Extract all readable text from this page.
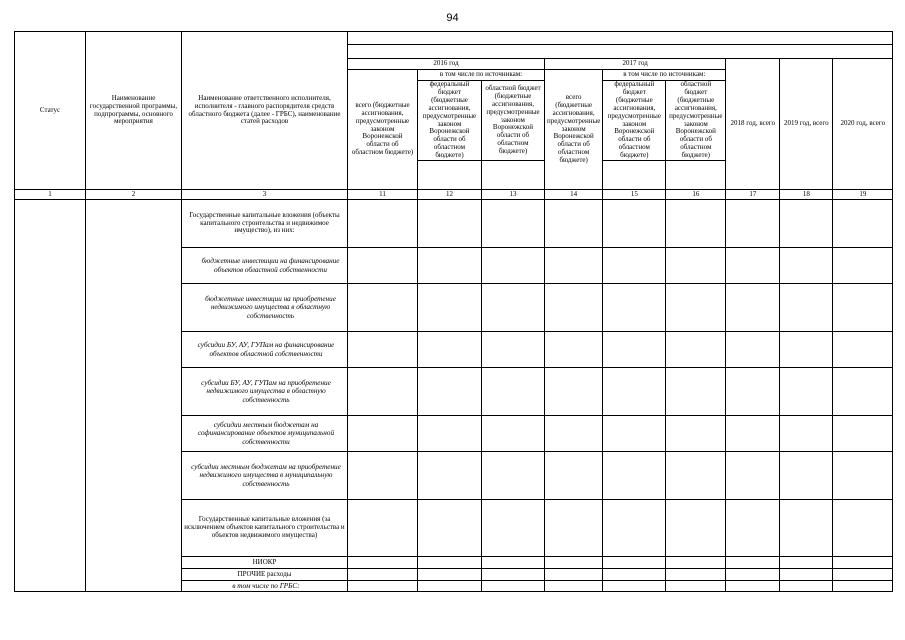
94
Статус	Наименование государственной программы, подпрограммы, основного мероприятия	Наименование ответственного исполнителя, исполнителя - главного распорядителя средств областного бюджета (далее - ГРБС), наименование статей расходов									

			2016 год			2017 год			2018 год, всего	2019 год, всего	2020 год, всего
			всего (бюджетные ассигнования, предусмотренные законом Воронежской области об областном бюджете)	в том числе по источникам:		всего (бюджетные ассигнования, предусмотренные законом Воронежской области об областном бюджете)	в том числе по источникам:				
				федеральный бюджет (бюджетные ассигнования, предусмотренные законом Воронежской области об областном бюджете)	областной бюджет (бюджетные ассигнования, предусмотренные законом Воронежской области об областном бюджете)		федеральный бюджет (бюджетные ассигнования, предусмотренные законом Воронежской области об областном бюджете)	областной бюджет (бюджетные ассигнования, предусмотренные законом Воронежской области об областном бюджете)			

1	2	3	11	12	13	14	15	16	17	18	19
		Государственные капитальные вложения (объекты капитального строительства и недвижимое имущество), из них:									
		бюджетные инвестиции на финансирование объектов областной собственности									
		бюджетные инвестиции на приобретение недвижимого имущества в областную собственность									
		субсидии БУ, АУ, ГУПам на финансирование объектов областной собственности									
		субсидии БУ, АУ, ГУПам на приобретение недвижимого имущества в областную собственность									
		субсидии местным бюджетам на софинансирование объектов муниципальной собственности									
		субсидии местным бюджетам на приобретение недвижимого имущества в муниципальную собственность									
		Государственные капитальные вложения (за исключением объектов капитального строительства и объектов недвижимого имущества)									
		НИОКР									
		ПРОЧИЕ расходы									
		в том числе по ГРБС:									
